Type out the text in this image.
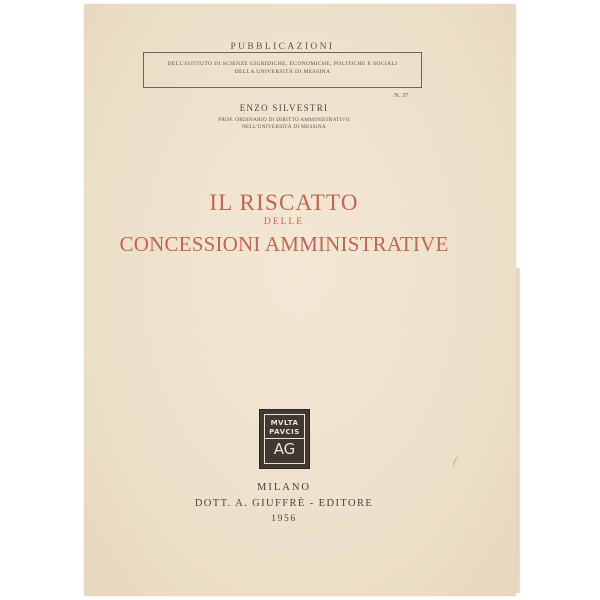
PUBBLICAZIONI
DELL'ISTITUTO DI SCIENZE GIURIDICHE, ECONOMICHE, POLITICHE E SOCIALI
DELLA UNIVERSITÀ DI MESSINA
N. 37
ENZO SILVESTRI
PROF. ORDINARIO DI DIRITTO AMMINISTRATIVO
NELL'UNIVERSITÀ DI MESSINA
IL RISCATTO
DELLE
CONCESSIONI AMMINISTRATIVE
MVLTA
PAVCIS
AG
MILANO
DOTT. A. GIUFFRÈ - EDITORE
1956
